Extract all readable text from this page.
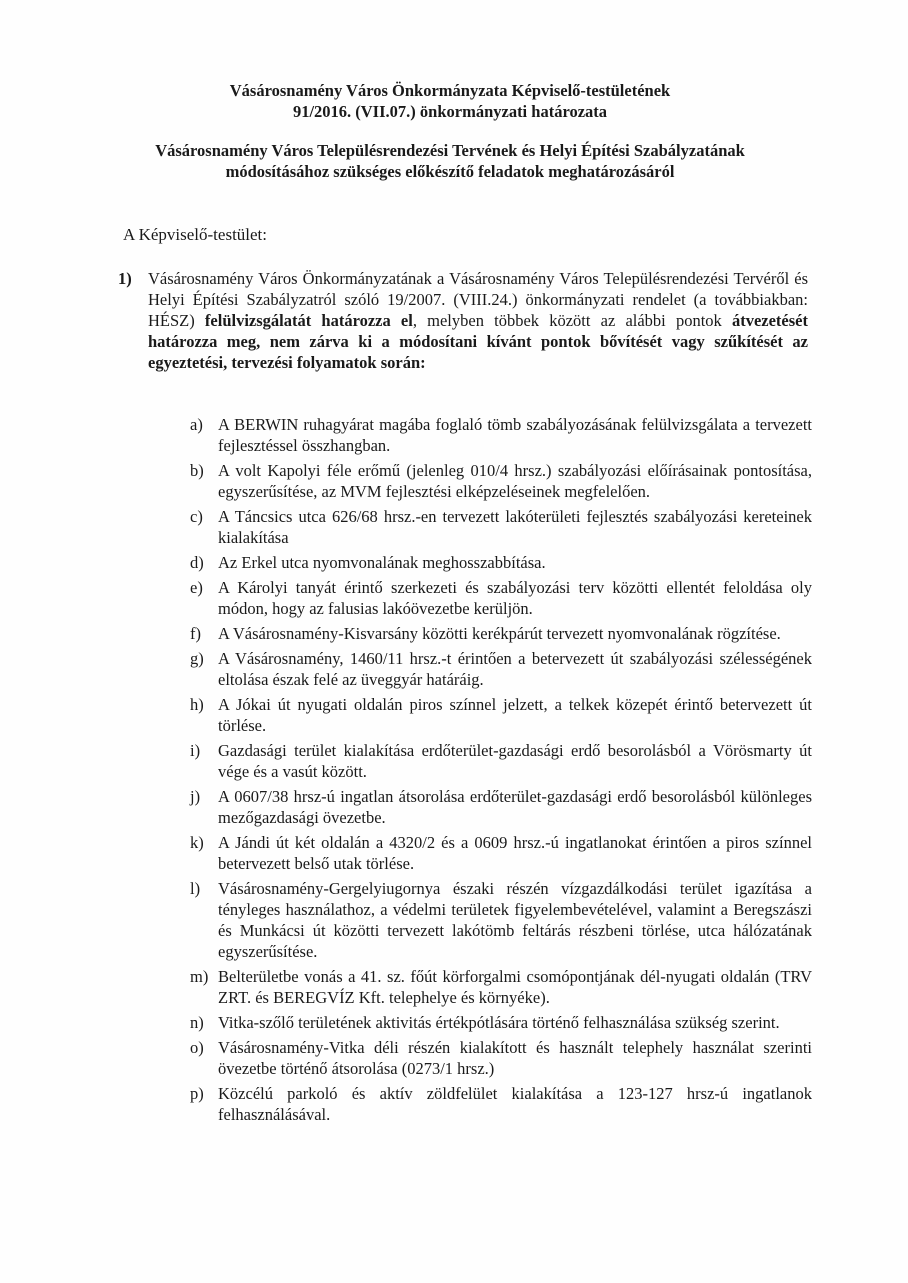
Vásárosnamény Város Önkormányzata Képviselő-testületének
91/2016. (VII.07.) önkormányzati határozata
Vásárosnamény Város Településrendezési Tervének és Helyi Építési Szabályzatának
módosításához szükséges előkészítő feladatok meghatározásáról
A Képviselő-testület:
1) Vásárosnamény Város Önkormányzatának a Vásárosnamény Város Településrendezési Tervéről és Helyi Építési Szabályzatról szóló 19/2007. (VIII.24.) önkormányzati rendelet (a továbbiakban: HÉSZ) felülvizsgálatát határozza el, melyben többek között az alábbi pontok átvezetését határozza meg, nem zárva ki a módosítani kívánt pontok bővítését vagy szűkítését az egyeztetési, tervezési folyamatok során:
a) A BERWIN ruhagyárat magába foglaló tömb szabályozásának felülvizsgálata a tervezett fejlesztéssel összhangban.
b) A volt Kapolyi féle erőmű (jelenleg 010/4 hrsz.) szabályozási előírásainak pontosítása, egyszerűsítése, az MVM fejlesztési elképzeléseinek megfelelően.
c) A Táncsics utca 626/68 hrsz.-en tervezett lakóterületi fejlesztés szabályozási kereteinek kialakítása
d) Az Erkel utca nyomvonalának meghosszabbítása.
e) A Károlyi tanyát érintő szerkezeti és szabályozási terv közötti ellentét feloldása oly módon, hogy az falusias lakóövezetbe kerüljön.
f) A Vásárosnamény-Kisvarsány közötti kerékpárút tervezett nyomvonalának rögzítése.
g) A Vásárosnamény, 1460/11 hrsz.-t érintően a betervezett út szabályozási szélességének eltolása észak felé az üveggyár határáig.
h) A Jókai út nyugati oldalán piros színnel jelzett, a telkek közepét érintő betervezett út törlése.
i) Gazdasági terület kialakítása erdőterület-gazdasági erdő besorolásból a Vörösmarty út vége és a vasút között.
j) A 0607/38 hrsz-ú ingatlan átsorolása erdőterület-gazdasági erdő besorolásból különleges mezőgazdasági övezetbe.
k) A Jándi út két oldalán a 4320/2 és a 0609 hrsz.-ú ingatlanokat érintően a piros színnel betervezett belső utak törlése.
l) Vásárosnamény-Gergelyiugornya északi részén vízgazdálkodási terület igazítása a tényleges használathoz, a védelmi területek figyelembevételével, valamint a Beregszászi és Munkácsi út közötti tervezett lakótömb feltárás részbeni törlése, utca hálózatának egyszerűsítése.
m) Belterületbe vonás a 41. sz. főút körforgalmi csomópontjának dél-nyugati oldalán (TRV ZRT. és BEREGVÍZ Kft. telephelye és környéke).
n) Vitka-szőlő területének aktivitás értékpótlására történő felhasználása szükség szerint.
o) Vásárosnamény-Vitka déli részén kialakított és használt telephely használat szerinti övezetbe történő átsorolása (0273/1 hrsz.)
p) Közcélú parkoló és aktív zöldfelület kialakítása a 123-127 hrsz-ú ingatlanok felhasználásával.
